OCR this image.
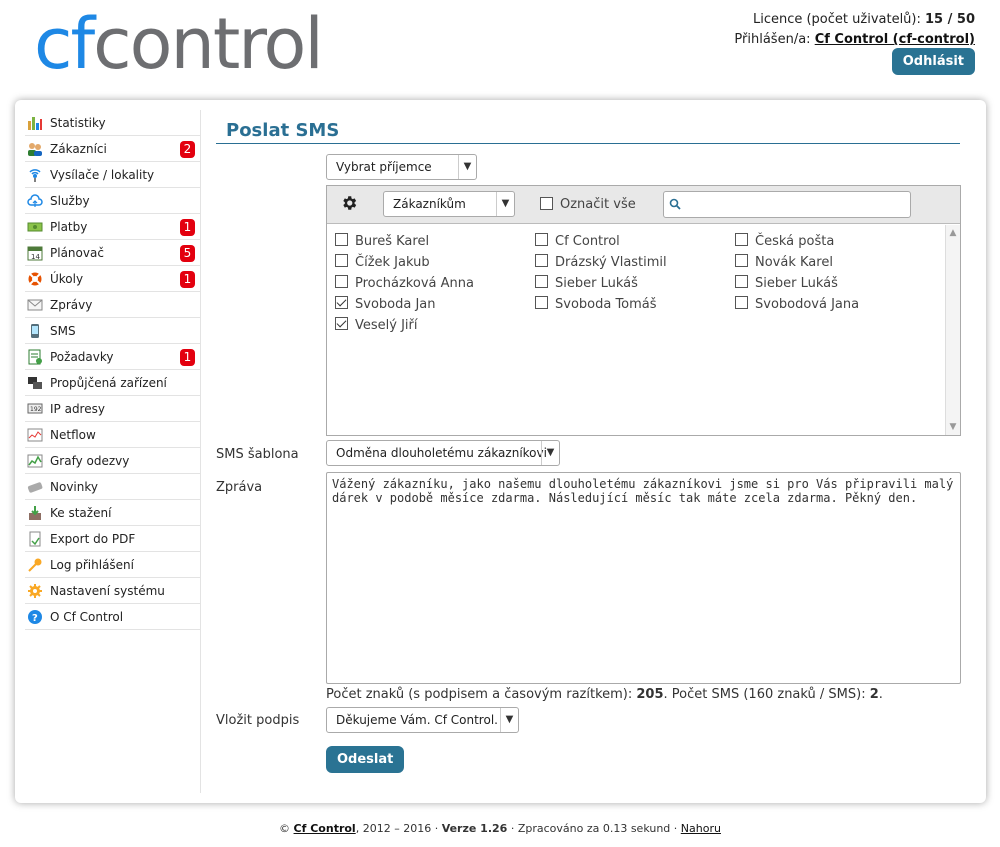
cfcontrol	Licence (počet uživatelů): 15 / 50
Přihlášen/a: Cf Control (cf-control)
Odhlásit
Statistiky
Zákazníci	2
Vysílače / lokality
Služby
Platby	1
14 Plánovač	5
Úkoly	1
Zprávy
SMS
Požadavky	1
Propůjčená zařízení
192 IP adresy
Netflow
Grafy odezvy
Novinky
Ke stažení
Export do PDF
Log přihlášení
Nastavení systému
? O Cf Control
Poslat SMS
Vybrat příjemce	▼
Zákazníkům	▼	Označit vše
Bureš Karel	Cf Control	Česká pošta
Čížek Jakub	Drázský Vlastimil	Novák Karel
Procházková Anna	Sieber Lukáš	Sieber Lukáš
Svoboda Jan	Svoboda Tomáš	Svobodová Jana
Veselý Jiří
▲
▼
SMS šablona	Odměna dlouholetému zákazníkovi ▼
Zpráva	Vážený zákazníku, jako našemu dlouholetému zákazníkovi jsme si pro Vás připravili malý
dárek v podobě měsíce zdarma. Následující měsíc tak máte zcela zdarma. Pěkný den.
Počet znaků (s podpisem a časovým razítkem): 205. Počet SMS (160 znaků / SMS): 2.
Vložit podpis	Děkujeme Vám. Cf Control. ▼
Odeslat
© Cf Control, 2012 – 2016 · Verze 1.26 · Zpracováno za 0.13 sekund · Nahoru
